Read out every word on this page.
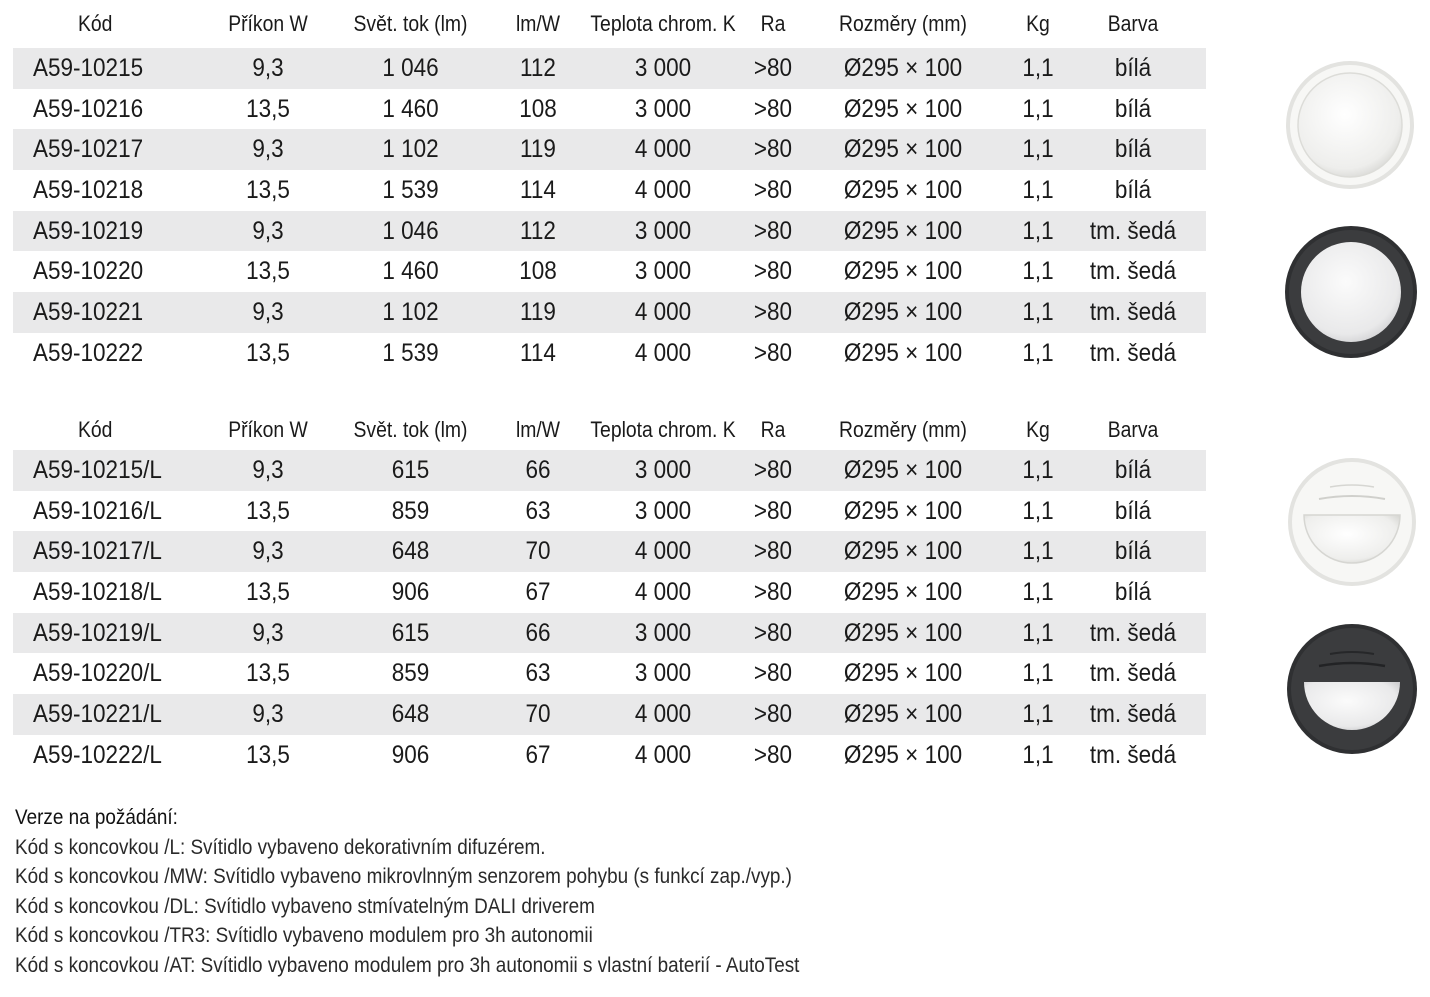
Kód	Příkon W	Svět. tok (lm)	lm/W	Teplota chrom. K	Ra	Rozměry (mm)	Kg	Barva
A59-10215	9,3	1 046	112	3 000	>80	Ø295 × 100	1,1	bílá
A59-10216	13,5	1 460	108	3 000	>80	Ø295 × 100	1,1	bílá
A59-10217	9,3	1 102	119	4 000	>80	Ø295 × 100	1,1	bílá
A59-10218	13,5	1 539	114	4 000	>80	Ø295 × 100	1,1	bílá
A59-10219	9,3	1 046	112	3 000	>80	Ø295 × 100	1,1	tm. šedá
A59-10220	13,5	1 460	108	3 000	>80	Ø295 × 100	1,1	tm. šedá
A59-10221	9,3	1 102	119	4 000	>80	Ø295 × 100	1,1	tm. šedá
A59-10222	13,5	1 539	114	4 000	>80	Ø295 × 100	1,1	tm. šedá
Kód	Příkon W	Svět. tok (lm)	lm/W	Teplota chrom. K	Ra	Rozměry (mm)	Kg	Barva
A59-10215/L	9,3	615	66	3 000	>80	Ø295 × 100	1,1	bílá
A59-10216/L	13,5	859	63	3 000	>80	Ø295 × 100	1,1	bílá
A59-10217/L	9,3	648	70	4 000	>80	Ø295 × 100	1,1	bílá
A59-10218/L	13,5	906	67	4 000	>80	Ø295 × 100	1,1	bílá
A59-10219/L	9,3	615	66	3 000	>80	Ø295 × 100	1,1	tm. šedá
A59-10220/L	13,5	859	63	3 000	>80	Ø295 × 100	1,1	tm. šedá
A59-10221/L	9,3	648	70	4 000	>80	Ø295 × 100	1,1	tm. šedá
A59-10222/L	13,5	906	67	4 000	>80	Ø295 × 100	1,1	tm. šedá
Verze na požádání:
Kód s koncovkou /L: Svítidlo vybaveno dekorativním difuzérem.
Kód s koncovkou /MW: Svítidlo vybaveno mikrovlnným senzorem pohybu (s funkcí zap./vyp.)
Kód s koncovkou /DL: Svítidlo vybaveno stmívatelným DALI driverem
Kód s koncovkou /TR3: Svítidlo vybaveno modulem pro 3h autonomii
Kód s koncovkou /AT: Svítidlo vybaveno modulem pro 3h autonomii s vlastní baterií - AutoTest
